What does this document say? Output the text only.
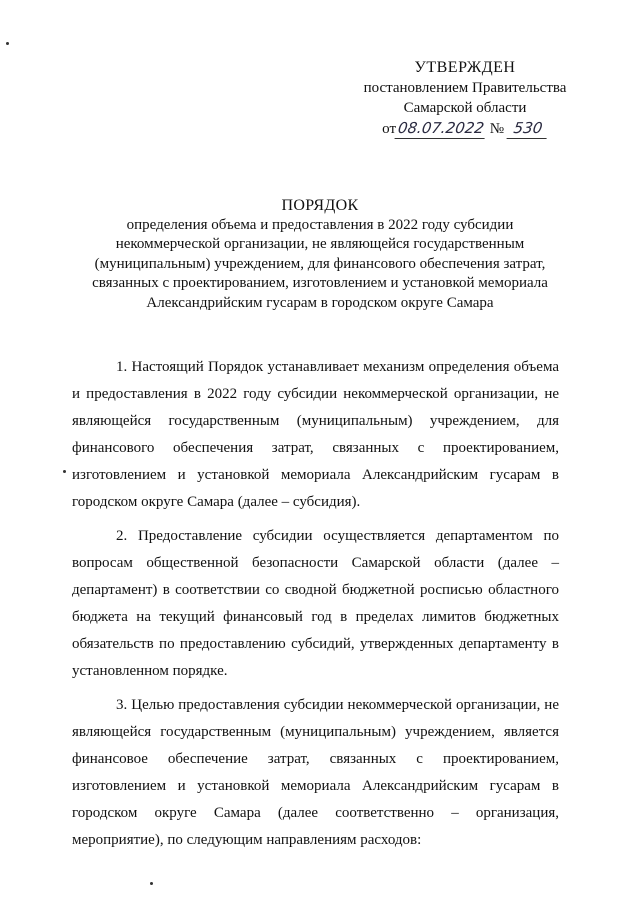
УТВЕРЖДЕН
постановлением Правительства
Самарской области
от08.07.2022 № 530
ПОРЯДОК
определения объема и предоставления в 2022 году субсидии
некоммерческой организации, не являющейся государственным
(муниципальным) учреждением, для финансового обеспечения затрат,
связанных с проектированием, изготовлением и установкой мемориала
Александрийским гусарам в городском округе Самара

1. Настоящий Порядок устанавливает механизм определения объема и предоставления в 2022 году субсидии некоммерческой организации, не являющейся государственным (муниципальным) учреждением, для финансового обеспечения затрат, связанных с проектированием, изготовлением и установкой мемориала Александрийским гусарам в городском округе Самара (далее – субсидия).

2. Предоставление субсидии осуществляется департаментом по вопросам общественной безопасности Самарской области (далее – департамент) в соответствии со сводной бюджетной росписью областного бюджета на текущий финансовый год в пределах лимитов бюджетных обязательств по предоставлению субсидий, утвержденных департаменту в установленном порядке.

3. Целью предоставления субсидии некоммерческой организации, не являющейся государственным (муниципальным) учреждением, является финансовое обеспечение затрат, связанных с проектированием, изготовлением и установкой мемориала Александрийским гусарам в городском округе Самара (далее соответственно – организация, мероприятие), по следующим направлениям расходов:
